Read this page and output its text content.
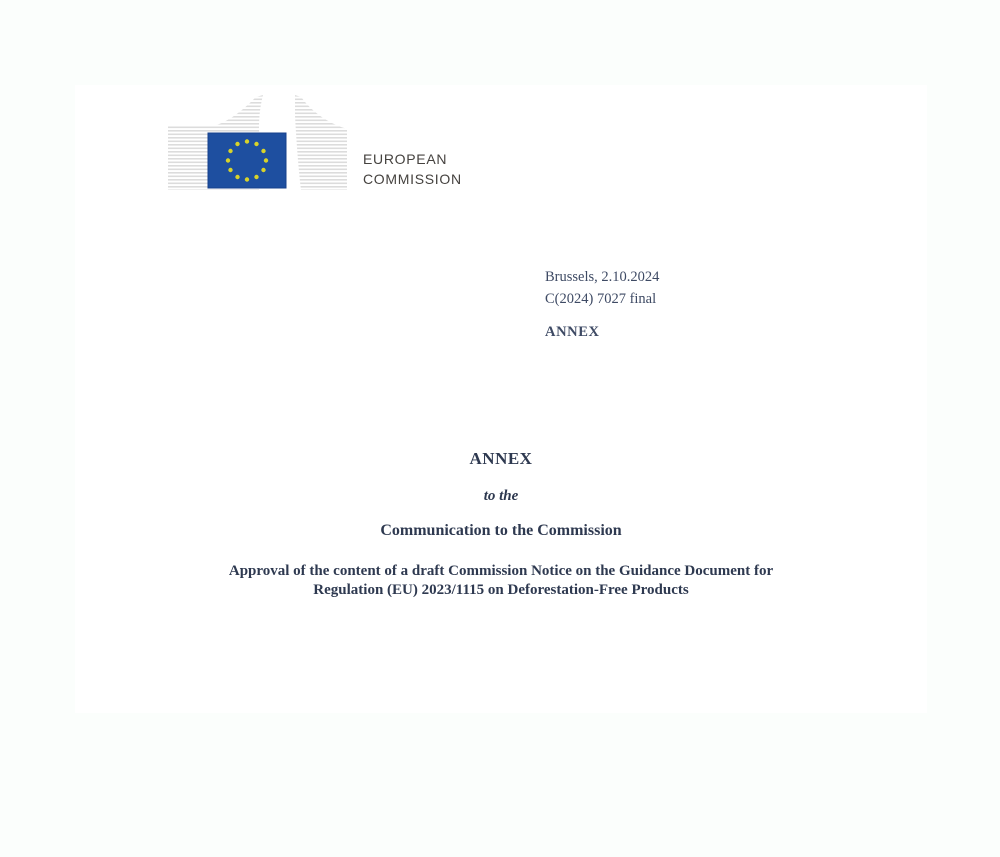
EUROPEAN
COMMISSION
Brussels, 2.10.2024
C(2024) 7027 final
ANNEX
ANNEX
to the
Communication to the Commission
Approval of the content of a draft Commission Notice on the Guidance Document for
Regulation (EU) 2023/1115 on Deforestation-Free Products
